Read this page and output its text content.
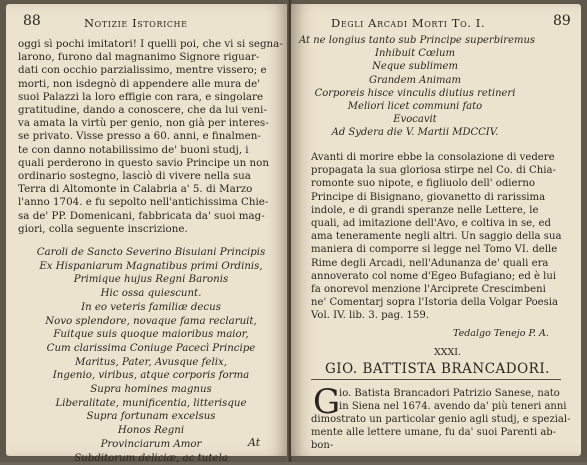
88	Notizie Istoriche
oggi sì pochi imitatori! I quelli poi, che vi si segna-
larono, furono dal magnanimo Signore riguar-
dati con occhio parzialissimo, mentre vissero; e
morti, non isdegnò di appendere alle mura de'
suoi Palazzi la loro effigie con rara, e singolare
gratitudine, dando a conoscere, che da lui veni-
va amata la virtù per genio, non già per interes-
se privato. Visse presso a 60. anni, e finalmen-
te con danno notabilissimo de' buoni studj, i
quali perderono in questo savio Principe un non
ordinario sostegno, lasciò di vivere nella sua
Terra di Altomonte in Calabria a' 5. di Marzo
l'anno 1704. e fu sepolto nell'antichissima Chie-
sa de' PP. Domenicani, fabbricata da' suoi mag-
giori, colla seguente inscrizione.
Caroli de Sancto Severino Bisuiani Principis
Ex Hispaniarum Magnatibus primi Ordinis,
Primique hujus Regni Baronis
Hic ossa quiescunt.
In eo veteris familiæ decus
Novo splendore, novaque fama reclaruit,
Fuitque suis quoque maioribus maior,
Cum clarissima Coniuge Pacecì Principe
Maritus, Pater, Avusque felix,
Ingenio, viribus, atque corporis forma
Supra homines magnus
Liberalitate, munificentia, litterisque
Supra fortunam excelsus
Honos Regni
Provinciarum Amor
Subditorum deliciæ, ac tutela
At
Degli Arcadi Morti To. I.	89
At ne longius tanto sub Principe superbiremus
Inhibuit Cœlum
Neque sublimem
Grandem Animam
Corporeis hisce vinculis diutius retineri
Meliori licet communi fato
Evocavit
Ad Sydera die V. Martii MDCCIV.
Avanti di morire ebbe la consolazione di vedere
propagata la sua gloriosa stirpe nel Co. di Chia-
romonte suo nipote, e figliuolo dell' odierno
Principe di Bisignano, giovanetto di rarissima
indole, e di grandi speranze nelle Lettere, le
quali, ad imitazione dell'Avo, e coltiva in se, ed
ama teneramente negli altri. Un saggio della sua
maniera di comporre si legge nel Tomo VI. delle
Rime degli Arcadi, nell'Adunanza de' quali era
annoverato col nome d'Egeo Bufagiano; ed è lui
fa onorevol menzione l'Arciprete Crescimbeni
ne' Comentarj sopra l'Istoria della Volgar Poesia
Vol. IV. lib. 3. pag. 159.
Tedalgo Tenejo P. A.
XXXI.
GIO. BATTISTA BRANCADORI.
G
io. Batista Brancadori Patrizio Sanese, nato
in Siena nel 1674. avendo da' più teneri anni
dimostrato un particolar genio agli studj, e spezial-
mente alle lettere umane, fu da' suoi Parenti ab-
bon-
